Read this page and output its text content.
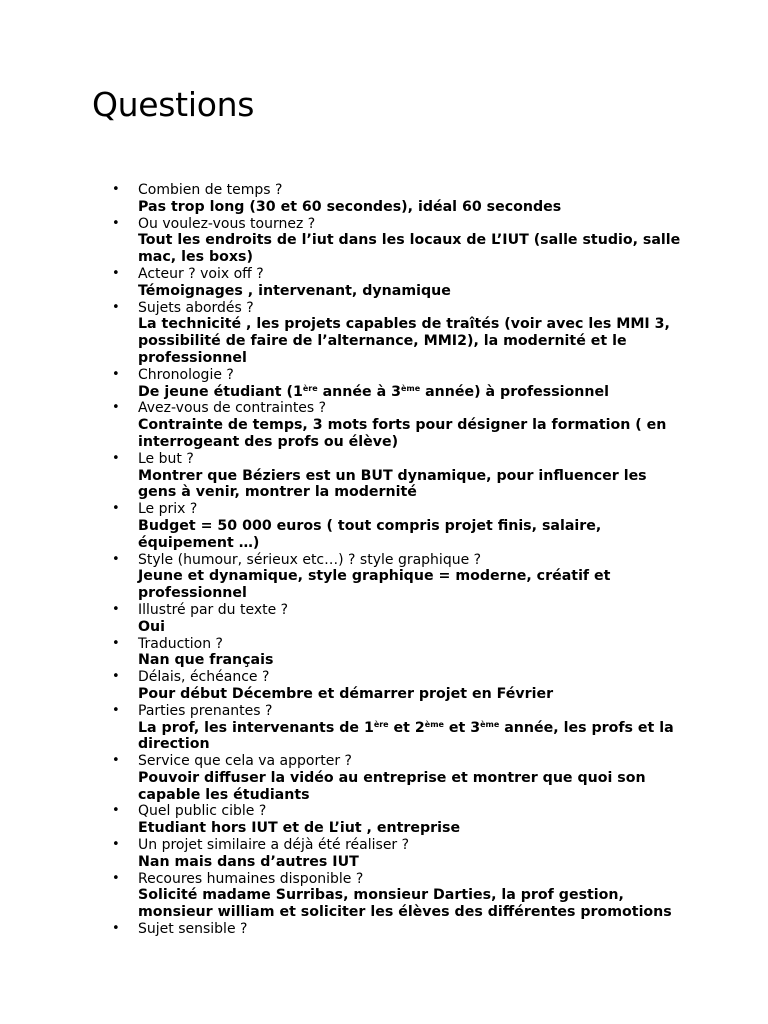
Questions
• Combien de temps ?
Pas trop long (30 et 60 secondes), idéal 60 secondes
• Ou voulez-vous tournez ?
Tout les endroits de l’iut dans les locaux de L’IUT (salle studio, salle mac, les boxs)
• Acteur ? voix off ?
Témoignages , intervenant, dynamique
• Sujets abordés ?
La technicité , les projets capables de traîtés (voir avec les MMI 3, possibilité de faire de l’alternance, MMI2), la modernité et le professionnel
• Chronologie ?
De jeune étudiant (1ère année à 3ème année) à professionnel
• Avez-vous de contraintes ?
Contrainte de temps, 3 mots forts pour désigner la formation ( en interrogeant des profs ou élève)
• Le but ?
Montrer que Béziers est un BUT dynamique, pour influencer les gens à venir, montrer la modernité
• Le prix ?
Budget = 50 000 euros ( tout compris projet finis, salaire, équipement …)
• Style (humour, sérieux etc…) ? style graphique ?
Jeune et dynamique, style graphique = moderne, créatif et professionnel
• Illustré par du texte ?
Oui
• Traduction ?
Nan que français
• Délais, échéance ?
Pour début Décembre et démarrer projet en Février
• Parties prenantes ?
La prof, les intervenants de 1ère et 2ème et 3ème année, les profs et la direction
• Service que cela va apporter ?
Pouvoir diffuser la vidéo au entreprise et montrer que quoi son capable les étudiants
• Quel public cible ?
Etudiant hors IUT et de L’iut , entreprise
• Un projet similaire a déjà été réaliser ?
Nan mais dans d’autres IUT
• Recoures humaines disponible ?
Solicité madame Surribas, monsieur Darties, la prof gestion, monsieur william et soliciter les élèves des différentes promotions
• Sujet sensible ?
